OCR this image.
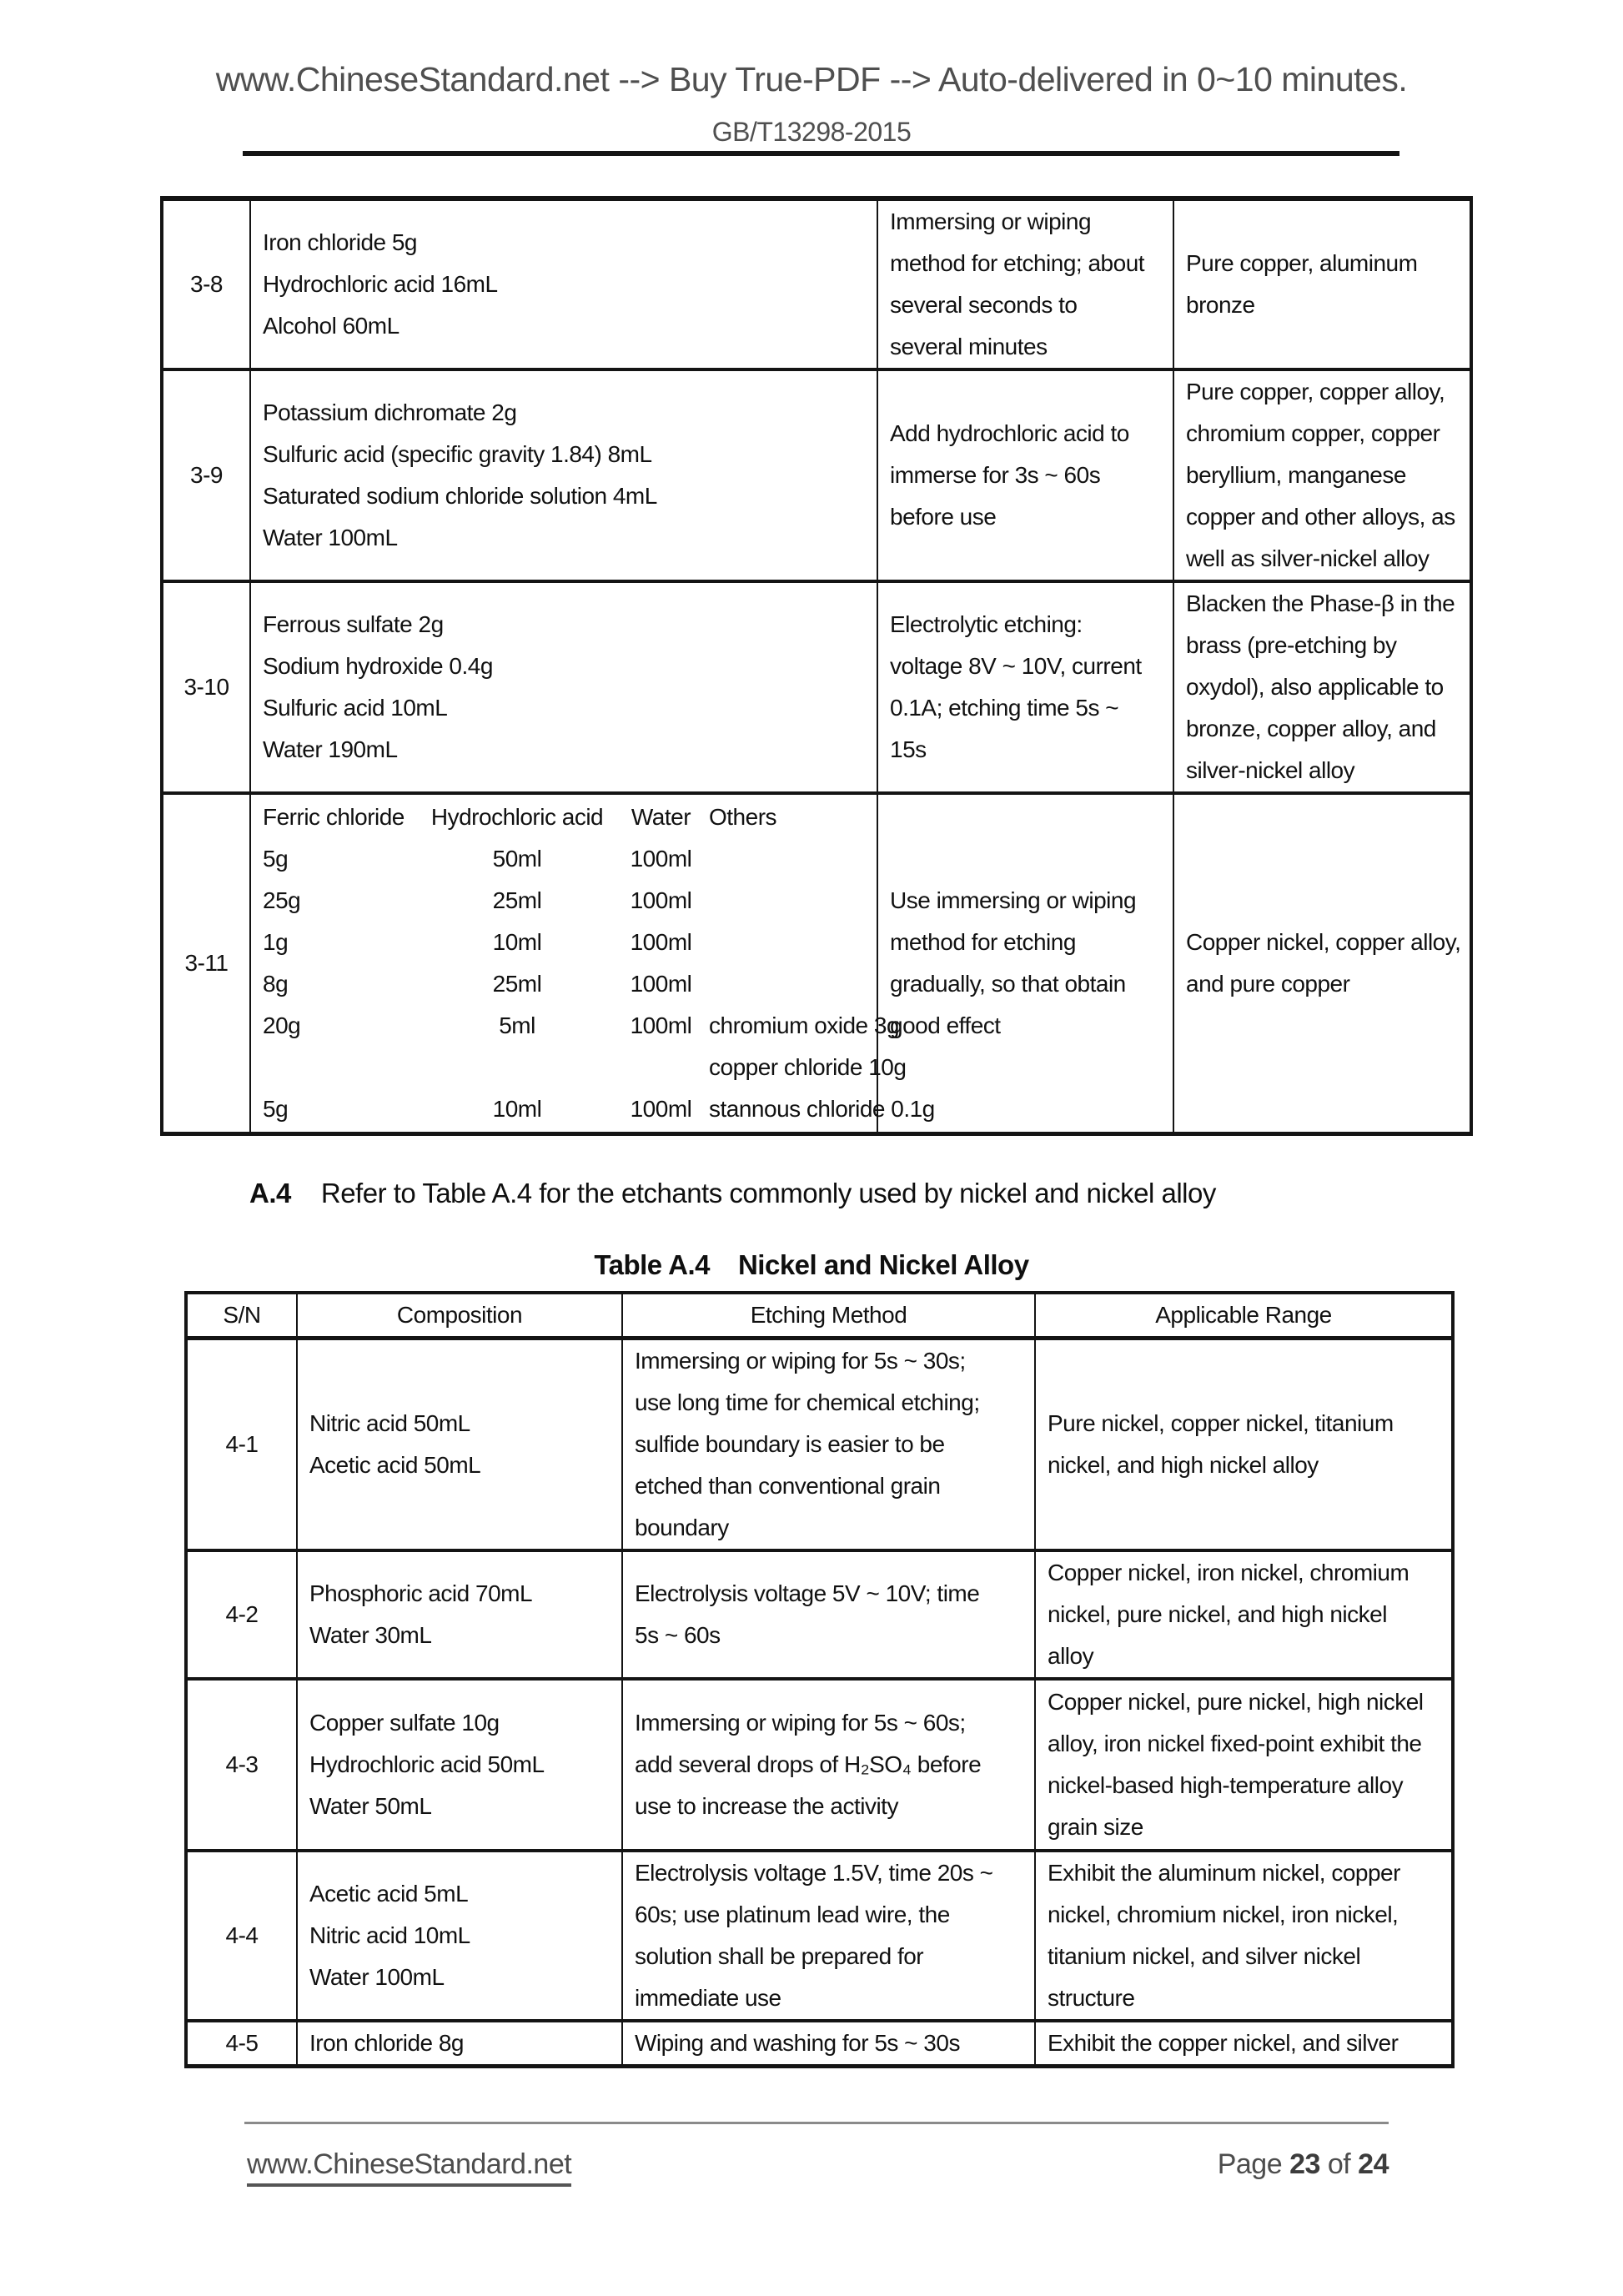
www.ChineseStandard.net --> Buy True-PDF --> Auto-delivered in 0~10 minutes.
GB/T13298-2015
3-8	
Iron chloride 5g
Hydrochloric acid 16mL
Alcohol 60mL

Immersing or wiping
method for etching; about
several seconds to
several minutes

Pure copper, aluminum
bronze

3-9	
Potassium dichromate 2g
Sulfuric acid (specific gravity 1.84) 8mL
Saturated sodium chloride solution 4mL
Water 100mL

Add hydrochloric acid to
immerse for 3s ~ 60s
before use

Pure copper, copper alloy,
chromium copper, copper
beryllium, manganese
copper and other alloys, as
well as silver-nickel alloy

3-10	
Ferrous sulfate 2g
Sodium hydroxide 0.4g
Sulfuric acid 10mL
Water 190mL

Electrolytic etching:
voltage 8V ~ 10V, current
0.1A; etching time 5s ~
15s

Blacken the Phase-β in the
brass (pre-etching by
oxydol), also applicable to
bronze, copper alloy, and
silver-nickel alloy

3-11	
Ferric chloride	Hydrochloric acid	Water Others
5g	50ml	100ml
25g	25ml	100ml
1g	10ml	100ml
8g	25ml	100ml
20g	5ml	100ml chromium oxide 3g
copper chloride 10g
5g	10ml	100ml stannous chloride 0.1g

Use immersing or wiping
method for etching
gradually, so that obtain
good effect

Copper nickel, copper alloy,
and pure copper
A.4 Refer to Table A.4 for the etchants commonly used by nickel and nickel alloy
Table A.4 Nickel and Nickel Alloy
S/N	Composition	Etching Method	Applicable Range
4-1	
Nitric acid 50mL
Acetic acid 50mL

Immersing or wiping for 5s ~ 30s;
use long time for chemical etching;
sulfide boundary is easier to be
etched than conventional grain
boundary

Pure nickel, copper nickel, titanium
nickel, and high nickel alloy

4-2	
Phosphoric acid 70mL
Water 30mL

Electrolysis voltage 5V ~ 10V; time
5s ~ 60s

Copper nickel, iron nickel, chromium
nickel, pure nickel, and high nickel
alloy

4-3	
Copper sulfate 10g
Hydrochloric acid 50mL
Water 50mL

Immersing or wiping for 5s ~ 60s;
add several drops of H₂SO₄ before
use to increase the activity

Copper nickel, pure nickel, high nickel
alloy, iron nickel fixed-point exhibit the
nickel-based high-temperature alloy
grain size

4-4	
Acetic acid 5mL
Nitric acid 10mL
Water 100mL

Electrolysis voltage 1.5V, time 20s ~
60s; use platinum lead wire, the
solution shall be prepared for
immediate use

Exhibit the aluminum nickel, copper
nickel, chromium nickel, iron nickel,
titanium nickel, and silver nickel
structure

4-5	Iron chloride 8g	Wiping and washing for 5s ~ 30s	Exhibit the copper nickel, and silver
www.ChineseStandard.net	Page 23 of 24
